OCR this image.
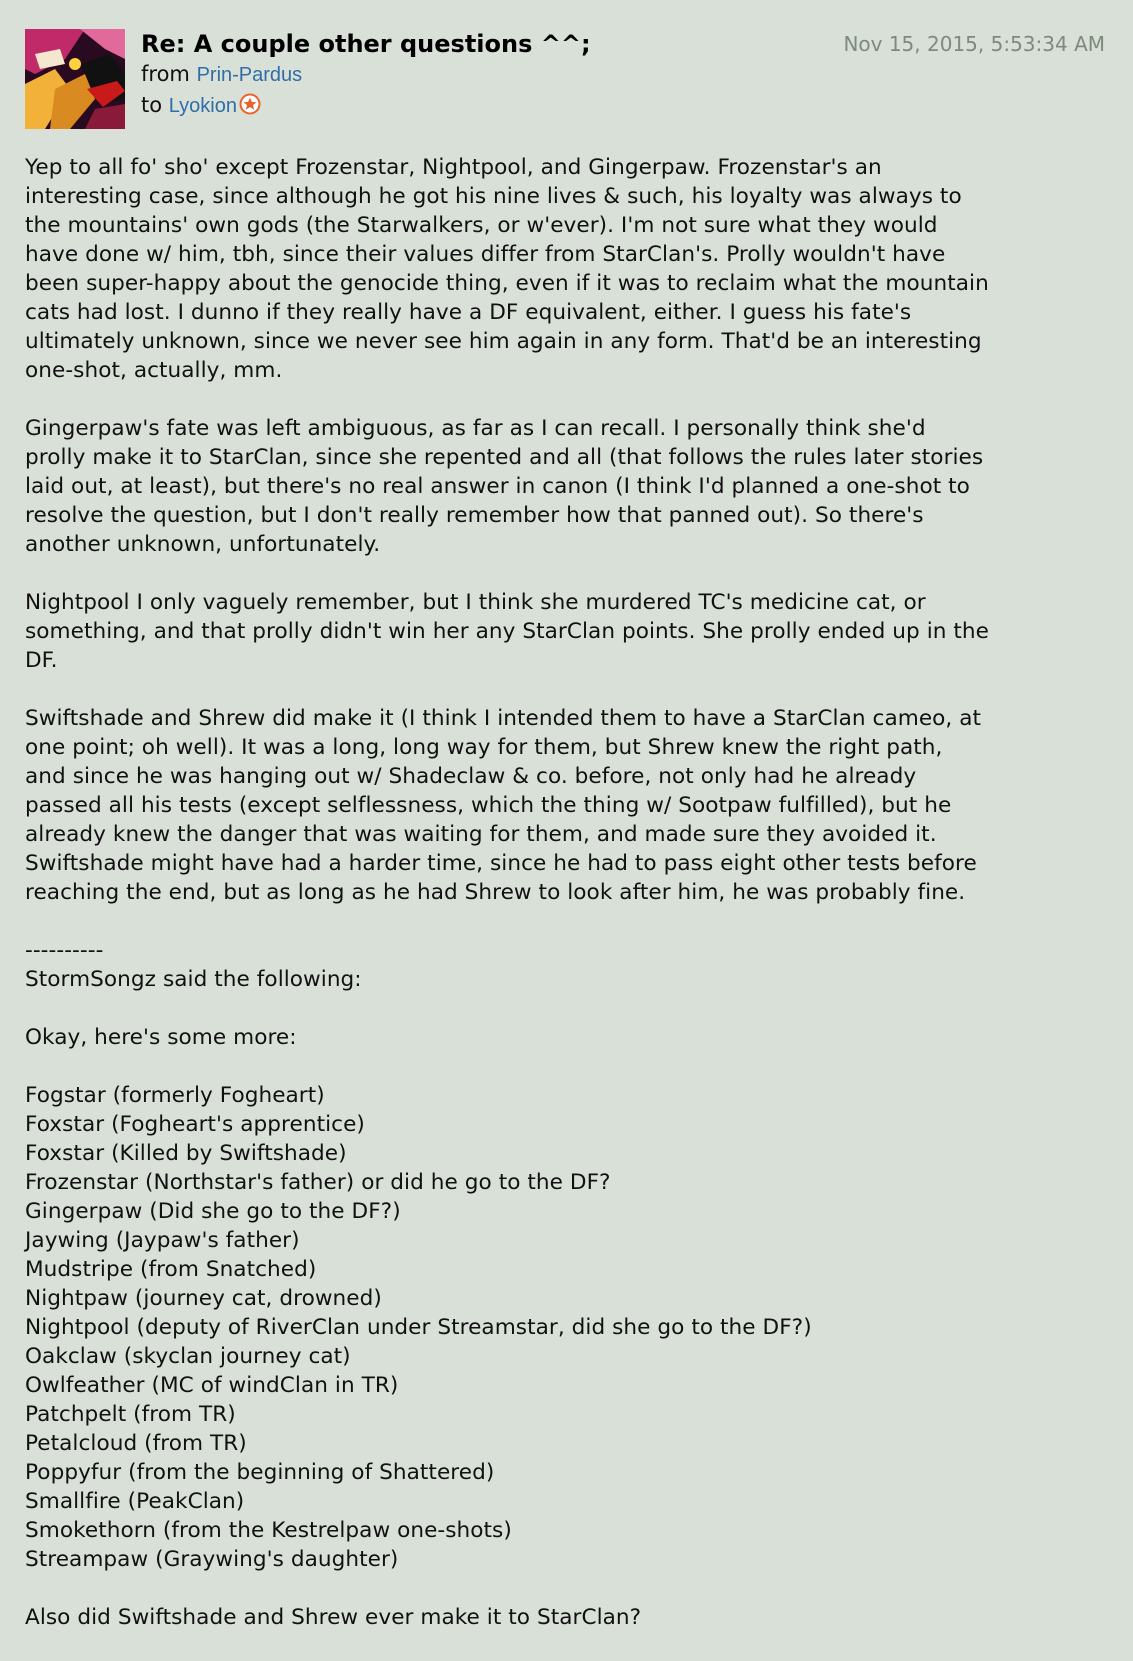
Re: A couple other questions ^^;
from Prin-Pardus
to Lyokion
Nov 15, 2015, 5:53:34 AM

Yep to all fo' sho' except Frozenstar, Nightpool, and Gingerpaw. Frozenstar's an
interesting case, since although he got his nine lives & such, his loyalty was always to
the mountains' own gods (the Starwalkers, or w'ever). I'm not sure what they would
have done w/ him, tbh, since their values differ from StarClan's. Prolly wouldn't have
been super-happy about the genocide thing, even if it was to reclaim what the mountain
cats had lost. I dunno if they really have a DF equivalent, either. I guess his fate's
ultimately unknown, since we never see him again in any form. That'd be an interesting
one-shot, actually, mm.

Gingerpaw's fate was left ambiguous, as far as I can recall. I personally think she'd
prolly make it to StarClan, since she repented and all (that follows the rules later stories
laid out, at least), but there's no real answer in canon (I think I'd planned a one-shot to
resolve the question, but I don't really remember how that panned out). So there's
another unknown, unfortunately.

Nightpool I only vaguely remember, but I think she murdered TC's medicine cat, or
something, and that prolly didn't win her any StarClan points. She prolly ended up in the
DF.

Swiftshade and Shrew did make it (I think I intended them to have a StarClan cameo, at
one point; oh well). It was a long, long way for them, but Shrew knew the right path,
and since he was hanging out w/ Shadeclaw & co. before, not only had he already
passed all his tests (except selflessness, which the thing w/ Sootpaw fulfilled), but he
already knew the danger that was waiting for them, and made sure they avoided it.
Swiftshade might have had a harder time, since he had to pass eight other tests before
reaching the end, but as long as he had Shrew to look after him, he was probably fine.

----------
StormSongz said the following:

Okay, here's some more:

Fogstar (formerly Fogheart)
Foxstar (Fogheart's apprentice)
Foxstar (Killed by Swiftshade)
Frozenstar (Northstar's father) or did he go to the DF?
Gingerpaw (Did she go to the DF?)
Jaywing (Jaypaw's father)
Mudstripe (from Snatched)
Nightpaw (journey cat, drowned)
Nightpool (deputy of RiverClan under Streamstar, did she go to the DF?)
Oakclaw (skyclan journey cat)
Owlfeather (MC of windClan in TR)
Patchpelt (from TR)
Petalcloud (from TR)
Poppyfur (from the beginning of Shattered)
Smallfire (PeakClan)
Smokethorn (from the Kestrelpaw one-shots)
Streampaw (Graywing's daughter)

Also did Swiftshade and Shrew ever make it to StarClan?
